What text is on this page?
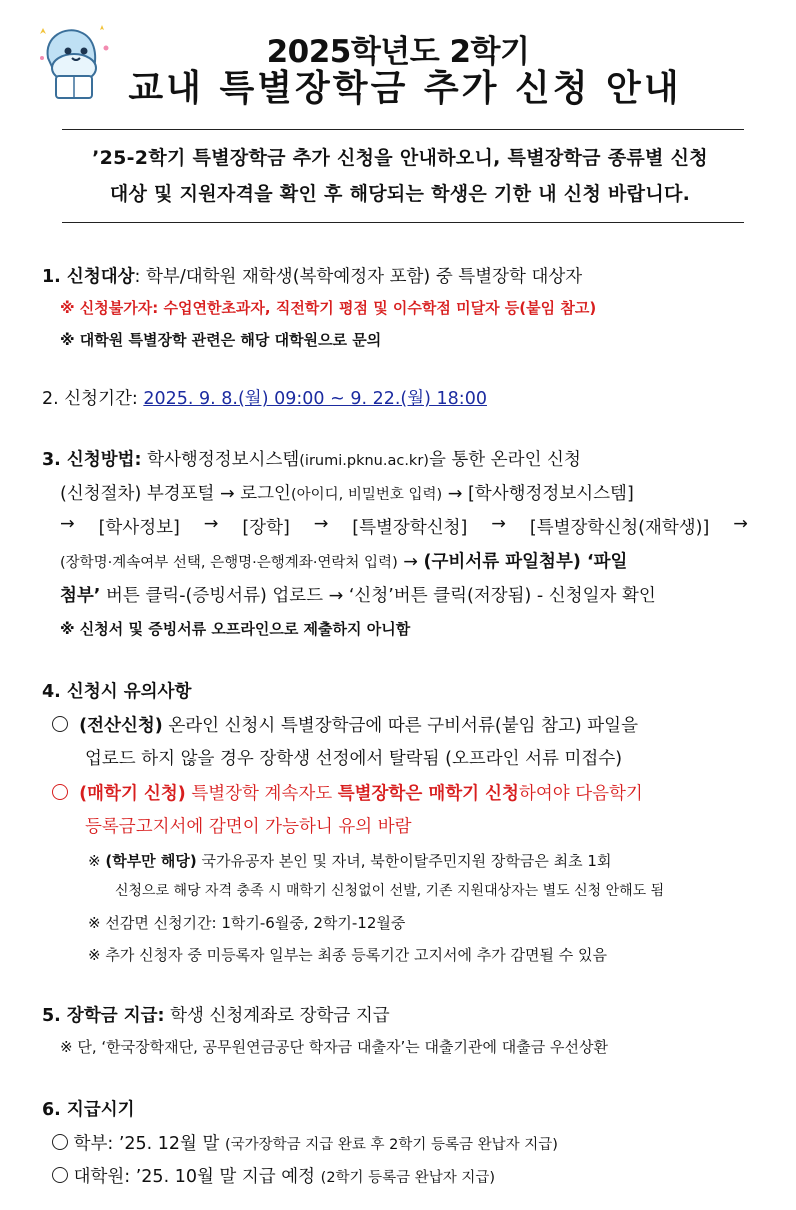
2025학년도 2학기
교내 특별장학금 추가 신청 안내
’25-2학기 특별장학금 추가 신청을 안내하오니, 특별장학금 종류별 신청
대상 및 지원자격을 확인 후 해당되는 학생은 기한 내 신청 바랍니다.
1. 신청대상: 학부/대학원 재학생(복학예정자 포함) 중 특별장학 대상자
※ 신청불가자: 수업연한초과자, 직전학기 평점 및 이수학점 미달자 등(붙임 참고)
※ 대학원 특별장학 관련은 해당 대학원으로 문의
2. 신청기간: 2025. 9. 8.(월) 09:00 ~ 9. 22.(월) 18:00
3. 신청방법: 학사행정정보시스템(irumi.pknu.ac.kr)을 통한 온라인 신청
(신청절차) 부경포털 → 로그인(아이디, 비밀번호 입력) → [학사행정정보시스템]
→ [학사정보] → [장학] → [특별장학신청] → [특별장학신청(재학생)] →
(장학명·계속여부 선택, 은행명·은행계좌·연락처 입력) → (구비서류 파일첨부) ‘파일
첨부’ 버튼 클릭-(증빙서류) 업로드 → ‘신청’버튼 클릭(저장됨) - 신청일자 확인
※ 신청서 및 증빙서류 오프라인으로 제출하지 아니함
4. 신청시 유의사항
(전산신청) 온라인 신청시 특별장학금에 따른 구비서류(붙임 참고) 파일을
업로드 하지 않을 경우 장학생 선정에서 탈락됨 (오프라인 서류 미접수)
(매학기 신청) 특별장학 계속자도 특별장학은 매학기 신청하여야 다음학기
등록금고지서에 감면이 가능하니 유의 바람
※ (학부만 해당) 국가유공자 본인 및 자녀, 북한이탈주민지원 장학금은 최초 1회
신청으로 해당 자격 충족 시 매학기 신청없이 선발, 기존 지원대상자는 별도 신청 안해도 됨
※ 선감면 신청기간: 1학기-6월중, 2학기-12월중
※ 추가 신청자 중 미등록자 일부는 최종 등록기간 고지서에 추가 감면될 수 있음
5. 장학금 지급: 학생 신청계좌로 장학금 지급
※ 단, ‘한국장학재단, 공무원연금공단 학자금 대출자’는 대출기관에 대출금 우선상환
6. 지급시기
학부: ’25. 12월 말 (국가장학금 지급 완료 후 2학기 등록금 완납자 지급)
대학원: ’25. 10월 말 지급 예정 (2학기 등록금 완납자 지급)
